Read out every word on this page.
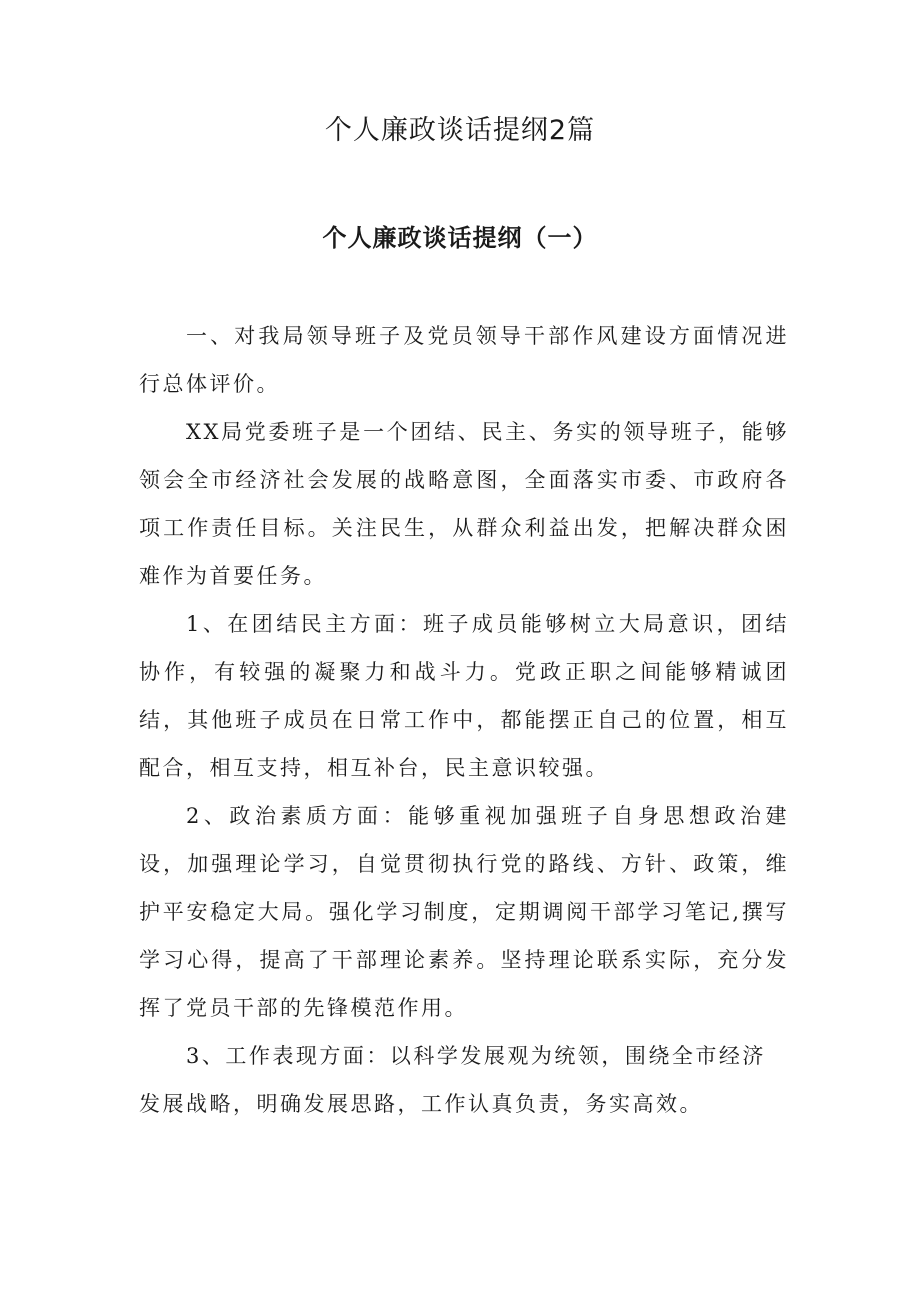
个人廉政谈话提纲2篇
个人廉政谈话提纲（一）

一、对我局领导班子及党员领导干部作风建设方面情况进行总体评价。

XX局党委班子是一个团结、民主、务实的领导班子，能够领会全市经济社会发展的战略意图，全面落实市委、市政府各项工作责任目标。关注民生，从群众利益出发，把解决群众困难作为首要任务。

1、在团结民主方面：班子成员能够树立大局意识，团结协作，有较强的凝聚力和战斗力。党政正职之间能够精诚团结，其他班子成员在日常工作中，都能摆正自己的位置，相互配合，相互支持，相互补台，民主意识较强。

2、政治素质方面：能够重视加强班子自身思想政治建设，加强理论学习，自觉贯彻执行党的路线、方针、政策，维护平安稳定大局。强化学习制度，定期调阅干部学习笔记,撰写学习心得，提高了干部理论素养。坚持理论联系实际，充分发挥了党员干部的先锋模范作用。

3、工作表现方面：以科学发展观为统领，围绕全市经济发展战略，明确发展思路，工作认真负责，务实高效。
